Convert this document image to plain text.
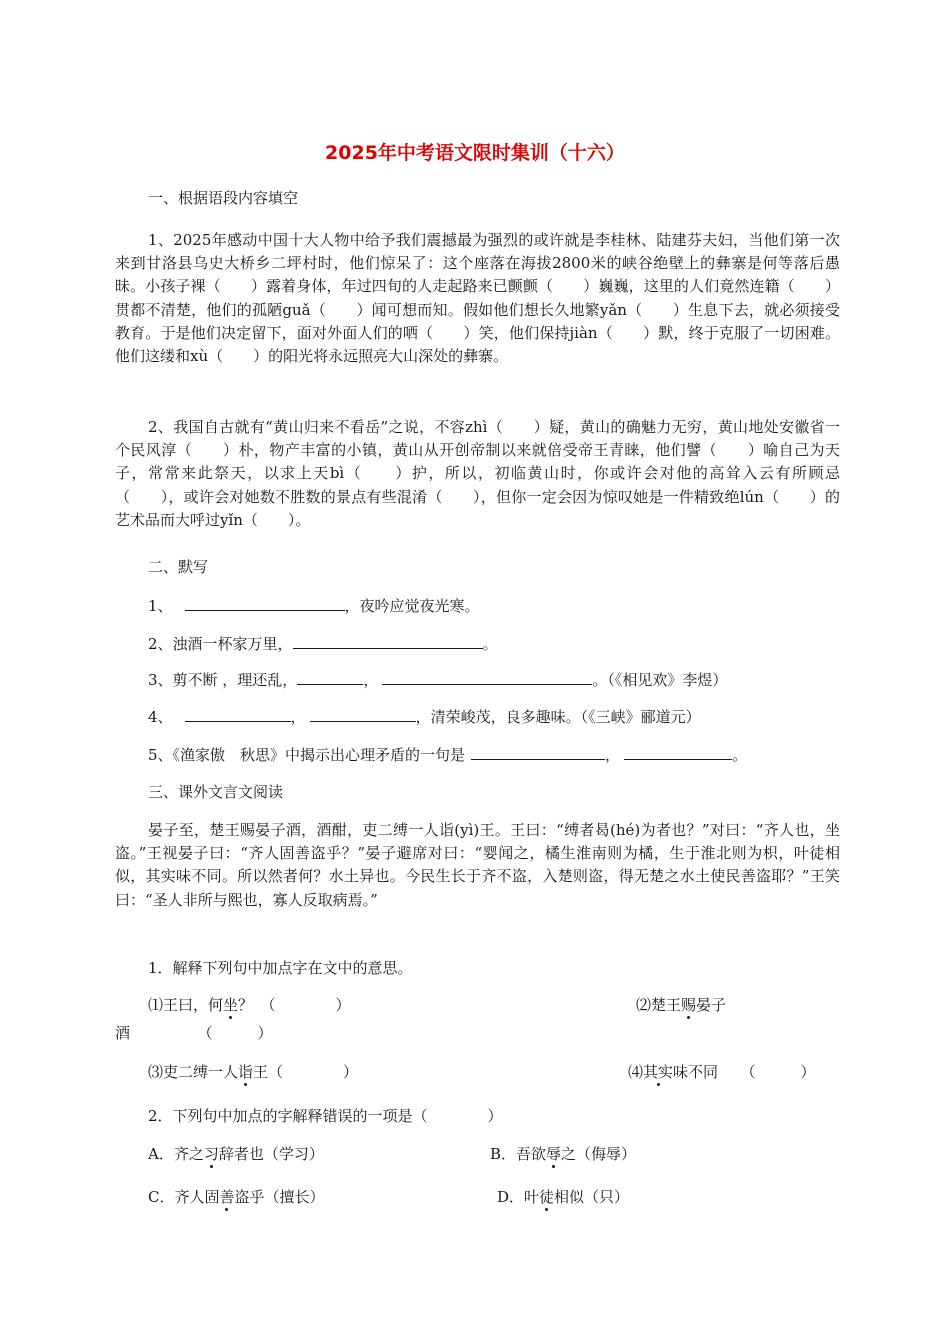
2025年中考语文限时集训（十六）
一、根据语段内容填空
1、2025年感动中国十大人物中给予我们震撼最为强烈的或许就是李桂林、陆建芬夫妇，当他们第一次来到甘洛县乌史大桥乡二坪村时，他们惊呆了：这个座落在海拔2800米的峡谷绝壁上的彝寨是何等落后愚昧。小孩子裸（　　）露着身体，年过四旬的人走起路来已颤颤（　　）巍巍，这里的人们竟然连籍（　　）贯都不清楚，他们的孤陋guǎ（　　）闻可想而知。假如他们想长久地繁yǎn（　　）生息下去，就必须接受教育。于是他们决定留下，面对外面人们的哂（　　）笑，他们保持jiàn（　　）默，终于克服了一切困难。他们这缕和xù（　　）的阳光将永远照亮大山深处的彝寨。
2、我国自古就有“黄山归来不看岳”之说，不容zhì（　　）疑，黄山的确魅力无穷，黄山地处安徽省一个民风淳（　　）朴，物产丰富的小镇，黄山从开创帝制以来就倍受帝王青睐，他们譬（　　）喻自己为天子，常常来此祭天，以求上天bì（　　）护，所以，初临黄山时，你或许会对他的高耸入云有所顾忌（　　），或许会对她数不胜数的景点有些混淆（　　），但你一定会因为惊叹她是一件精致绝lún（　　）的艺术品而大呼过yǐn（　　）。
二、默写
1、	，夜吟应觉夜光寒。
2、浊酒一杯家万里，	。
3、剪不断 ，理还乱，	，	。（《相见欢》李煜）
4、	，	，清荣峻茂，良多趣味。（《三峡》郦道元）
5、《渔家傲　秋思》中揭示出心理矛盾的一句是	，	。
三、课外文言文阅读
晏子至，楚王赐晏子酒，酒酣，吏二缚一人诣(yì)王。王曰：“缚者曷(hé)为者也？”对曰：“齐人也，坐盗。”王视晏子曰：“齐人固善盗乎？”晏子避席对曰：“婴闻之，橘生淮南则为橘，生于淮北则为枳，叶徒相似，其实味不同。所以然者何？水土异也。今民生长于齐不盗，入楚则盗，得无楚之水土使民善盗耶？”王笑曰：“圣人非所与熙也，寡人反取病焉。”
1．解释下列句中加点字在文中的意思。
⑴王曰，何坐？　（　　　　）	⑵楚王赐晏子
酒　　　　　（　　　）
⑶吏二缚一人诣王（　　　　）	⑷其实味不同　　（　　　）
2．下列句中加点的字解释错误的一项是（　　　　）
A．齐之习辞者也（学习）	B．吾欲辱之（侮辱）
C．齐人固善盗乎（擅长）	D．叶徒相似（只）
